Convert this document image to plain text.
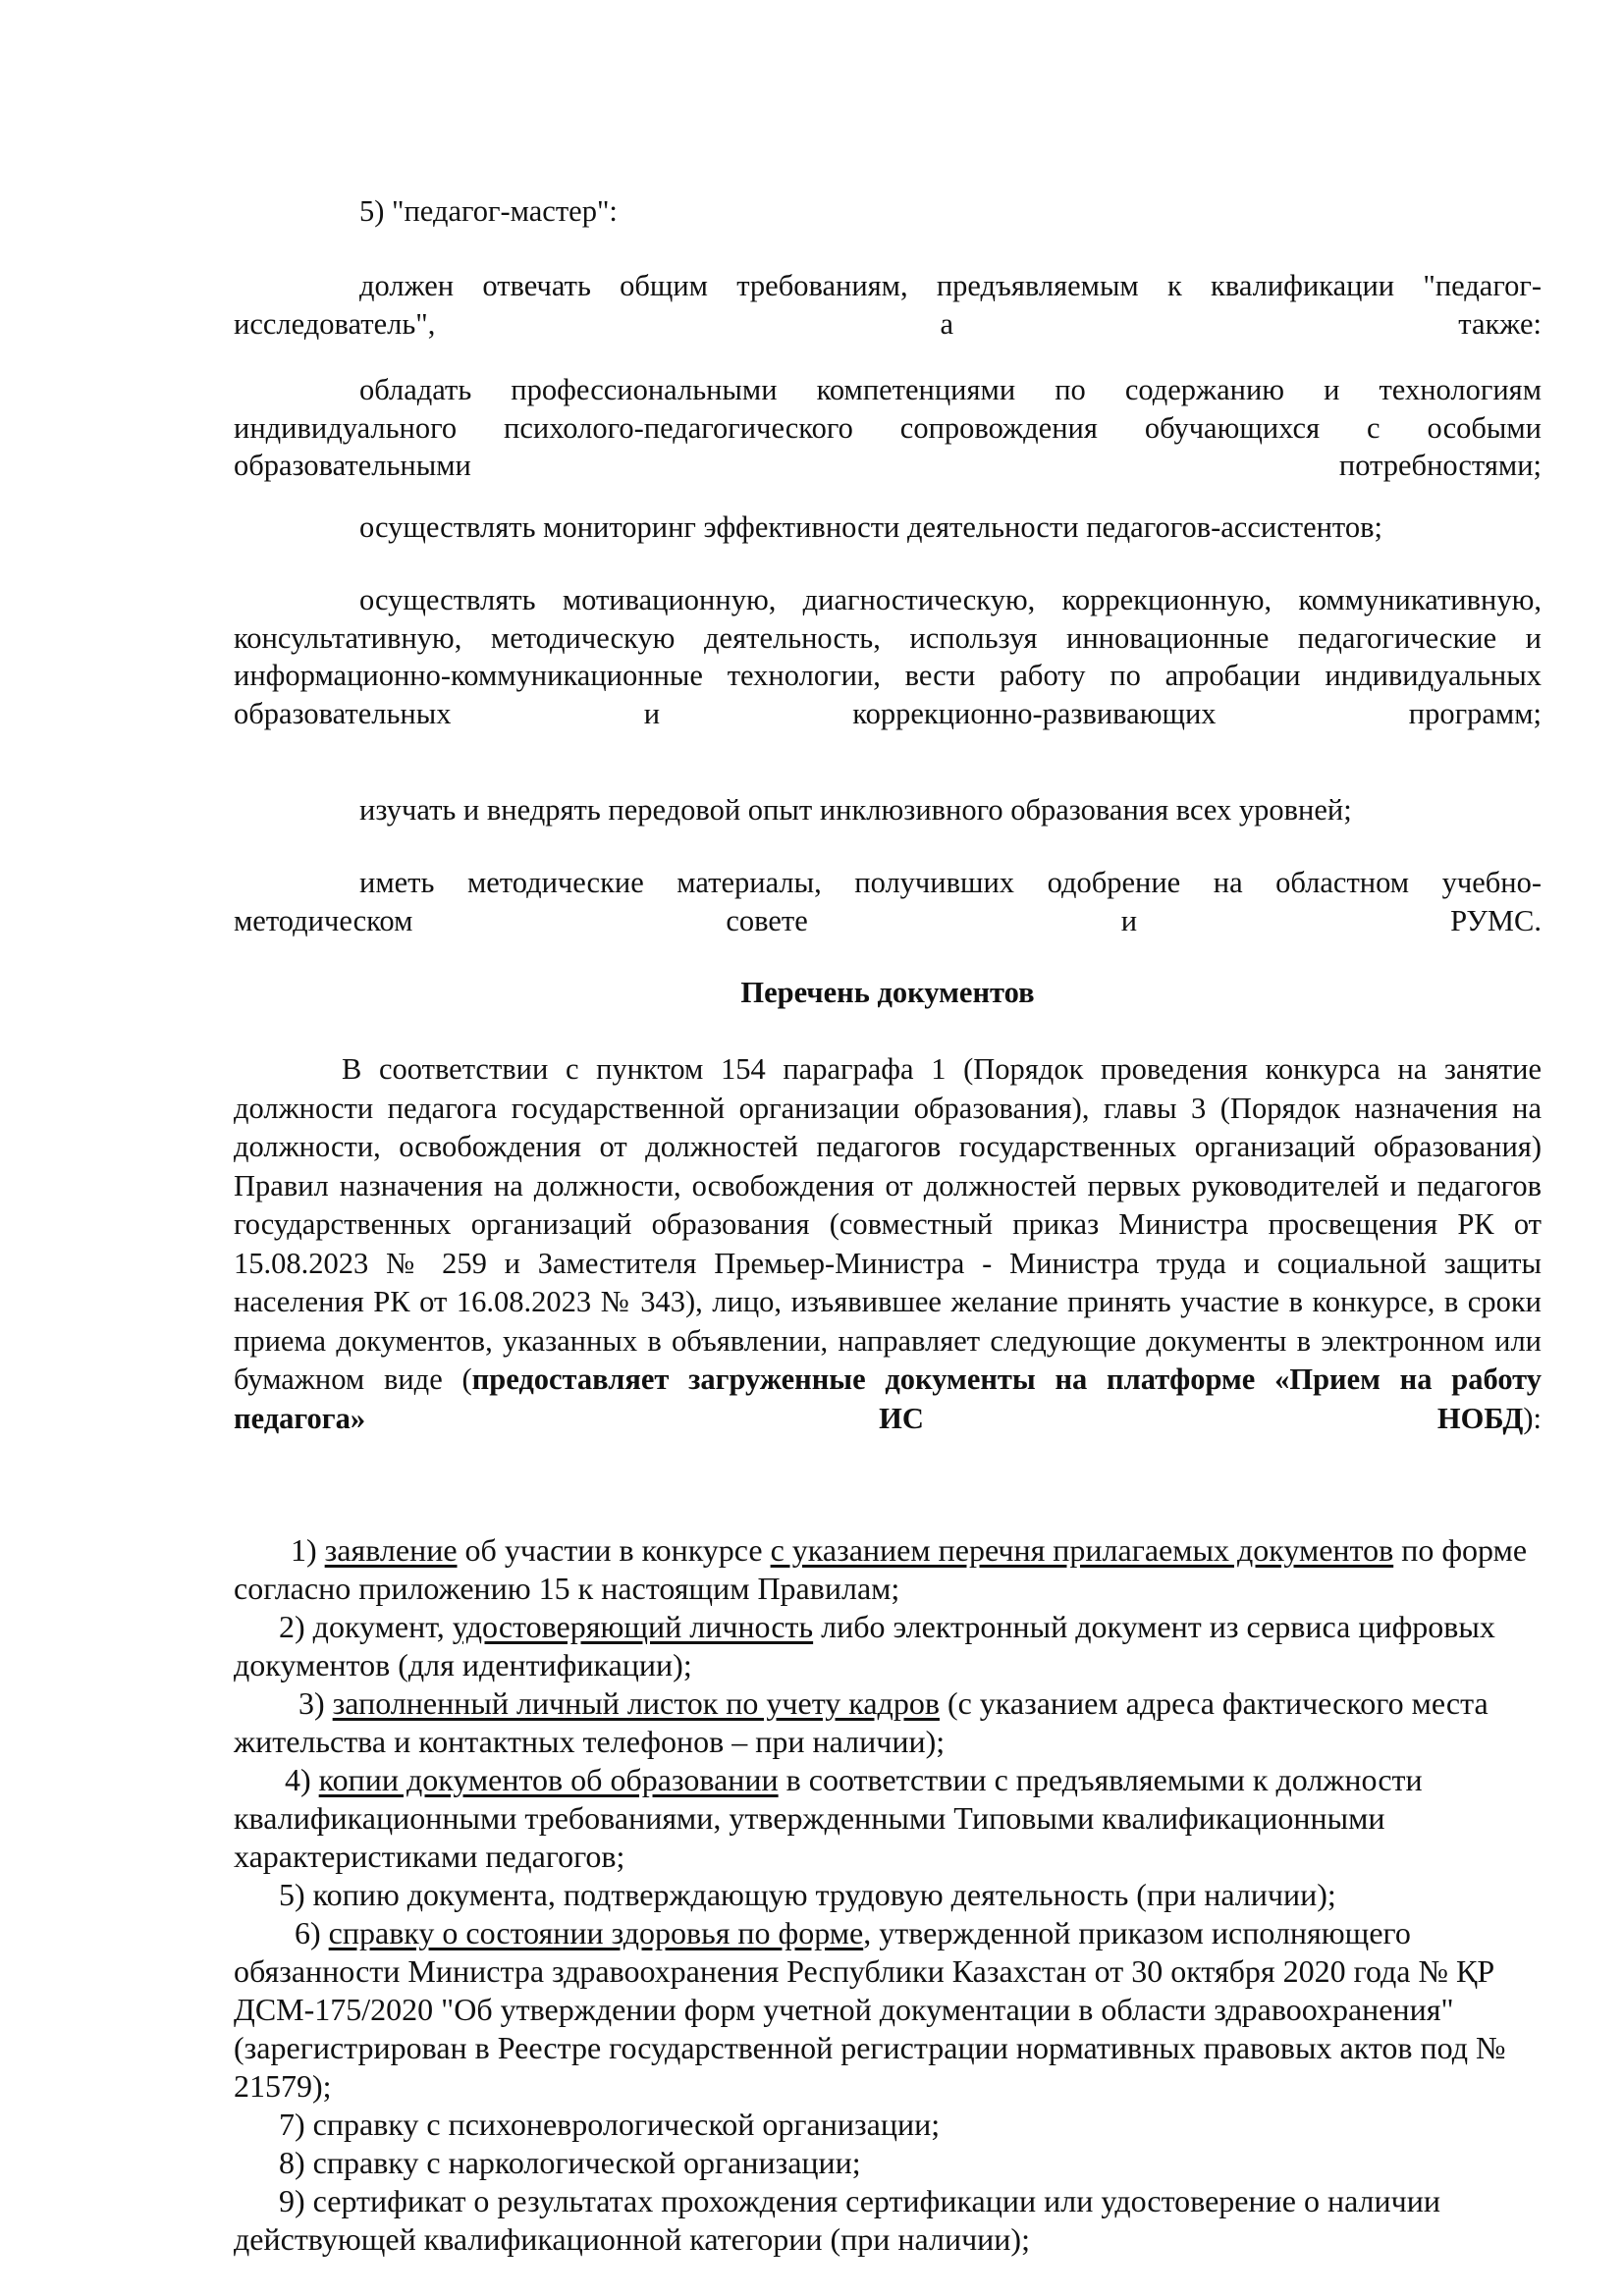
5) "педагог-мастер":

должен отвечать общим требованиям, предъявляемым к квалификации "педагог-исследователь", а также:

обладать профессиональными компетенциями по содержанию и технологиям индивидуального психолого-педагогического сопровождения обучающихся с особыми образовательными потребностями;

осуществлять мониторинг эффективности деятельности педагогов-ассистентов;

осуществлять мотивационную, диагностическую, коррекционную, коммуникативную, консультативную, методическую деятельность, используя инновационные педагогические и информационно-коммуникационные технологии, вести работу по апробации индивидуальных образовательных и коррекционно-развивающих программ;

изучать и внедрять передовой опыт инклюзивного образования всех уровней;

иметь методические материалы, получивших одобрение на областном учебно-методическом совете и РУМС.

Перечень документов

В соответствии с пунктом 154 параграфа 1 (Порядок проведения конкурса на занятие должности педагога государственной организации образования), главы 3 (Порядок назначения на должности, освобождения от должностей педагогов государственных организаций образования) Правил назначения на должности, освобождения от должностей первых руководителей и педагогов государственных организаций образования (совместный приказ Министра просвещения РК от 15.08.2023 № 259 и Заместителя Премьер-Министра - Министра труда и социальной защиты населения РК от 16.08.2023 № 343), лицо, изъявившее желание принять участие в конкурсе, в сроки приема документов, указанных в объявлении, направляет следующие документы в электронном или бумажном виде (предоставляет загруженные документы на платформе «Прием на работу педагога» ИС НОБД):

1) заявление об участии в конкурсе с указанием перечня прилагаемых документов по форме согласно приложению 15 к настоящим Правилам;
2) документ, удостоверяющий личность либо электронный документ из сервиса цифровых документов (для идентификации);
3) заполненный личный листок по учету кадров (с указанием адреса фактического места жительства и контактных телефонов – при наличии);
4) копии документов об образовании в соответствии с предъявляемыми к должности квалификационными требованиями, утвержденными Типовыми квалификационными характеристиками педагогов;
5) копию документа, подтверждающую трудовую деятельность (при наличии);
6) справку о состоянии здоровья по форме, утвержденной приказом исполняющего обязанности Министра здравоохранения Республики Казахстан от 30 октября 2020 года № ҚР ДСМ-175/2020 "Об утверждении форм учетной документации в области здравоохранения" (зарегистрирован в Реестре государственной регистрации нормативных правовых актов под № 21579);
7) справку с психоневрологической организации;
8) справку с наркологической организации;
9) сертификат о результатах прохождения сертификации или удостоверение о наличии действующей квалификационной категории (при наличии);
